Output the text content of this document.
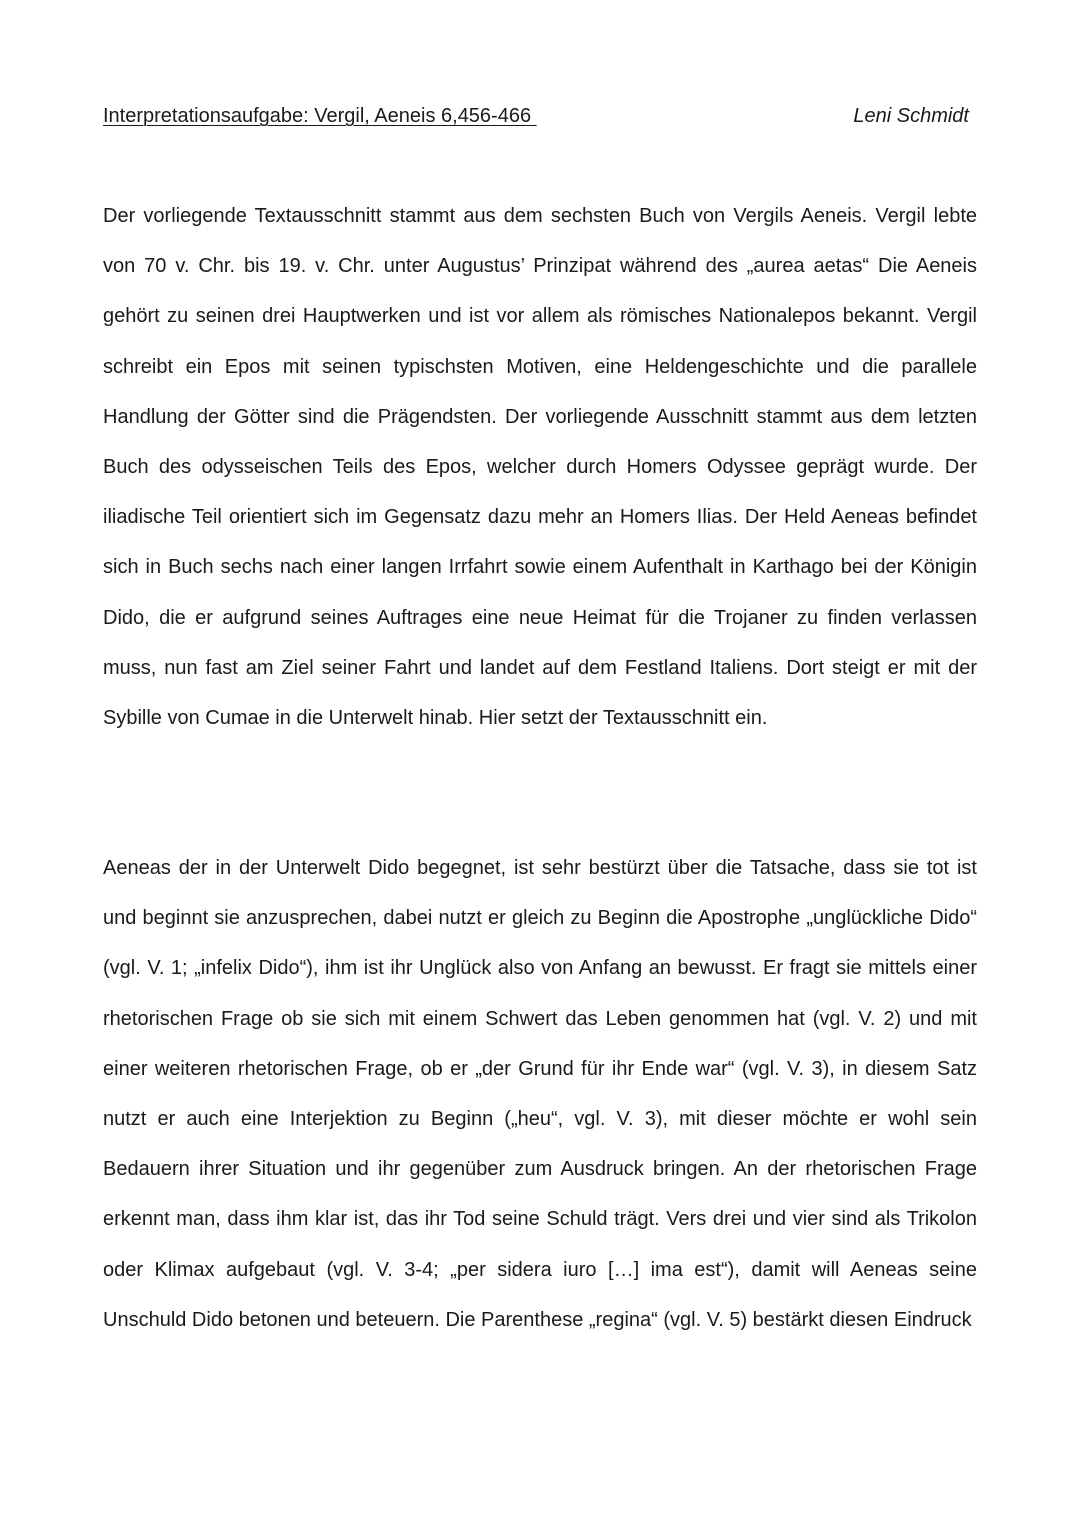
Interpretationsaufgabe: Vergil, Aeneis 6,456-466	Leni Schmidt

Der vorliegende Textausschnitt stammt aus dem sechsten Buch von Vergils Aeneis. Vergil lebte von 70 v. Chr. bis 19. v. Chr. unter Augustus’ Prinzipat während des „aurea aetas“ Die Aeneis gehört zu seinen drei Hauptwerken und ist vor allem als römisches Nationalepos bekannt. Vergil schreibt ein Epos mit seinen typischsten Motiven, eine Heldengeschichte und die parallele Handlung der Götter sind die Prägendsten. Der vorliegende Ausschnitt stammt aus dem letzten Buch des odysseischen Teils des Epos, welcher durch Homers Odyssee geprägt wurde. Der iliadische Teil orientiert sich im Gegensatz dazu mehr an Homers Ilias. Der Held Aeneas befindet sich in Buch sechs nach einer langen Irrfahrt sowie einem Aufenthalt in Karthago bei der Königin Dido, die er aufgrund seines Auftrages eine neue Heimat für die Trojaner zu finden verlassen muss, nun fast am Ziel seiner Fahrt und landet auf dem Festland Italiens. Dort steigt er mit der Sybille von Cumae in die Unterwelt hinab. Hier setzt der Textausschnitt ein.

Aeneas der in der Unterwelt Dido begegnet, ist sehr bestürzt über die Tatsache, dass sie tot ist und beginnt sie anzusprechen, dabei nutzt er gleich zu Beginn die Apostrophe „unglückliche Dido“ (vgl. V. 1; „infelix Dido“), ihm ist ihr Unglück also von Anfang an bewusst. Er fragt sie mittels einer rhetorischen Frage ob sie sich mit einem Schwert das Leben genommen hat (vgl. V. 2) und mit einer weiteren rhetorischen Frage, ob er „der Grund für ihr Ende war“ (vgl. V. 3), in diesem Satz nutzt er auch eine Interjektion zu Beginn („heu“, vgl. V. 3), mit dieser möchte er wohl sein Bedauern ihrer Situation und ihr gegenüber zum Ausdruck bringen. An der rhetorischen Frage erkennt man, dass ihm klar ist, das ihr Tod seine Schuld trägt. Vers drei und vier sind als Trikolon oder Klimax aufgebaut (vgl. V. 3-4; „per sidera iuro […] ima est“), damit will Aeneas seine Unschuld Dido betonen und beteuern. Die Parenthese „regina“ (vgl. V. 5) bestärkt diesen Eindruck
